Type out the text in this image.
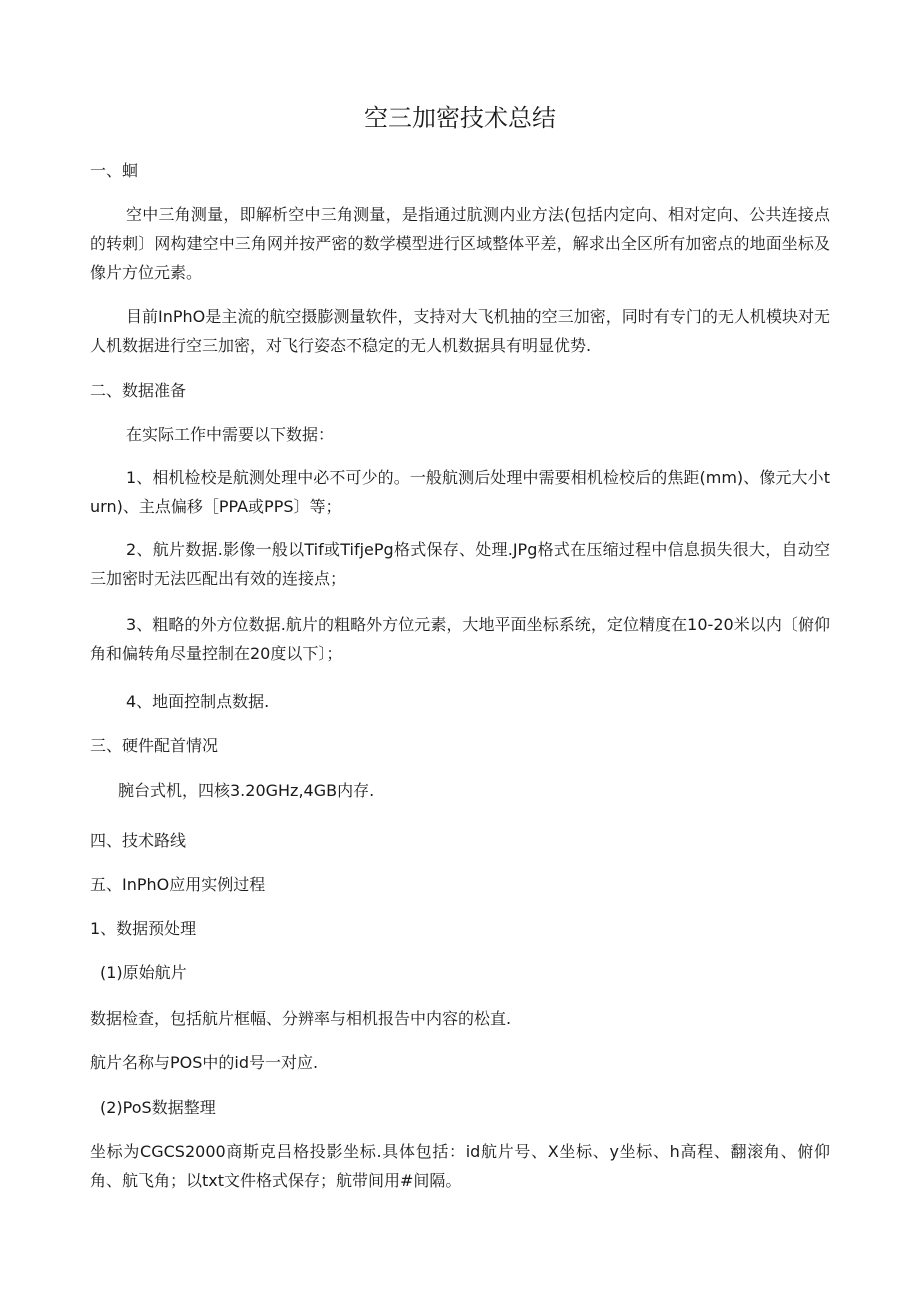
空三加密技术总结

一、蛔

空中三角测量，即解析空中三角测量，是指通过肮测内业方法(包括内定向、相对定向、公共连接点的转刺〕网构建空中三角网并按严密的数学模型进行区域整体平差，解求出全区所有加密点的地面坐标及像片方位元素。

目前InPhO是主流的航空摄膨测量软件，支持对大飞机抽的空三加密，同时有专门的无人机模块对无人机数据进行空三加密，对飞行姿态不稳定的无人机数据具有明显优势.

二、数据准备

在实际工作中需要以下数据：

1、相机检校是航测处理中必不可少的。一般航测后处理中需要相机检校后的焦距(mm)、像元大小turn)、主点偏移［PPA或PPS〕等；

2、航片数据.影像一般以Tif或TifjePg格式保存、处理.JPg格式在压缩过程中信息损失很大，自动空三加密时无法匹配出有效的连接点；

3、粗略的外方位数据.航片的粗略外方位元素，大地平面坐标系统，定位精度在10-20米以内〔俯仰角和偏转角尽量控制在20度以下〕；

4、地面控制点数据.

三、硬件配首情况

腕台式机，四核3.20GHz,4GB内存.

四、技术路线

五、InPhO应用实例过程

1、数据预处理

(1)原始航片

数据检查，包括航片框幅、分辨率与相机报告中内容的松直.

航片名称与POS中的id号一对应.

(2)PoS数据整理

坐标为CGCS2000商斯克吕格投影坐标.具体包括：id航片号、X坐标、y坐标、h高程、翻滚角、俯仰角、航飞角；以txt文件格式保存；航带间用#间隔。
